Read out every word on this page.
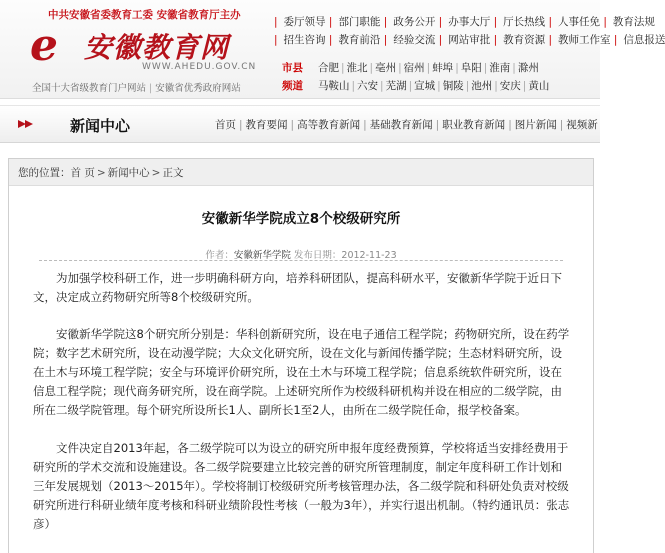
中共安徽省委教育工委 安徽省教育厅主办
e 安徽教育网
WWW.AHEDU.GOV.CN
全国十大省级教育门户网站 | 安徽省优秀政府网站
| 委厅领导 | 部门职能 | 政务公开 | 办事大厅 | 厅长热线 | 人事任免 | 教育法规
| 招生咨询 | 教育前沿 | 经验交流 | 网站审批 | 教育资源 | 教师工作室 | 信息报送
市县
频道
合肥 | 淮北 | 亳州 | 宿州 | 蚌埠 | 阜阳 | 淮南 | 滁州
马鞍山 | 六安 | 芜湖 | 宣城 | 铜陵 | 池州 | 安庆 | 黄山
新闻中心	首页 | 教育要闻 | 高等教育新闻 | 基础教育新闻 | 职业教育新闻 | 图片新闻 | 视频新
您的位置：首 页 > 新闻中心 > 正文
安徽新华学院成立8个校级研究所
作者：安徽新华学院 发布日期：2012-11-23
为加强学校科研工作，进一步明确科研方向，培养科研团队，提高科研水平，安徽新华学院于近日下文，决定成立药物研究所等8个校级研究所。
安徽新华学院这8个研究所分别是：华科创新研究所，设在电子通信工程学院；药物研究所，设在药学院；数字艺术研究所，设在动漫学院；大众文化研究所，设在文化与新闻传播学院；生态材料研究所，设在土木与环境工程学院；安全与环境评价研究所，设在土木与环境工程学院；信息系统软件研究所，设在信息工程学院；现代商务研究所，设在商学院。上述研究所作为校级科研机构并设在相应的二级学院，由所在二级学院管理。每个研究所设所长1人、副所长1至2人，由所在二级学院任命，报学校备案。
文件决定自2013年起，各二级学院可以为设立的研究所申报年度经费预算，学校将适当安排经费用于研究所的学术交流和设施建设。各二级学院要建立比较完善的研究所管理制度，制定年度科研工作计划和三年发展规划（2013～2015年）。学校将制订校级研究所考核管理办法，各二级学院和科研处负责对校级研究所进行科研业绩年度考核和科研业绩阶段性考核（一般为3年），并实行退出机制。（特约通讯员：张志彦）
